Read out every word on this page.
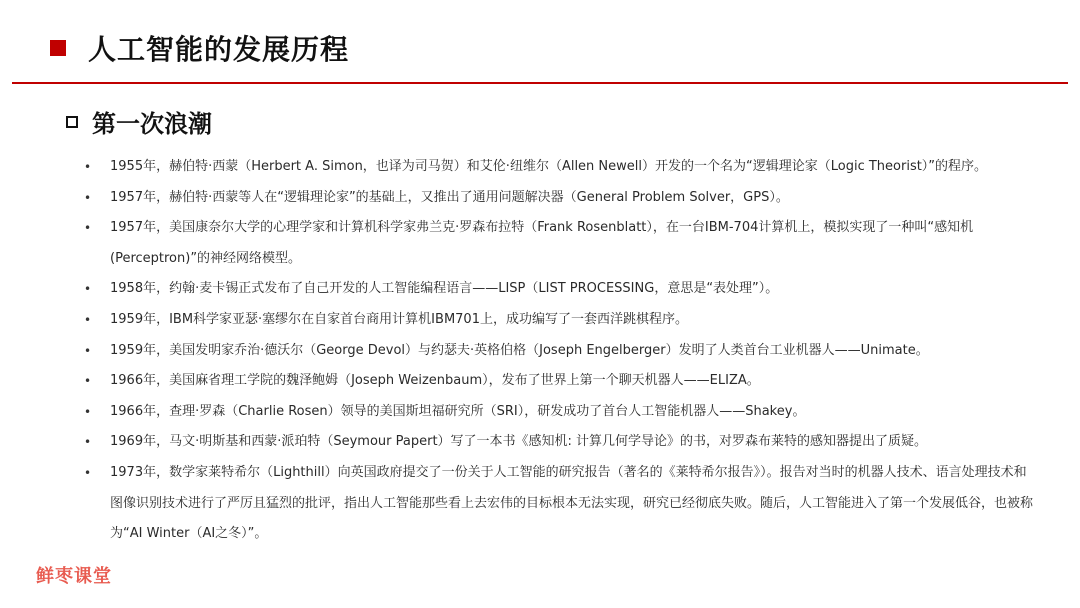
人工智能的发展历程
第一次浪潮
•	1955年，赫伯特·西蒙（Herbert A. Simon，也译为司马贺）和艾伦·纽维尔（Allen Newell）开发的一个名为“逻辑理论家（Logic Theorist）”的程序。
•	1957年，赫伯特·西蒙等人在“逻辑理论家”的基础上，又推出了通用问题解决器（General Problem Solver，GPS）。
•	1957年，美国康奈尔大学的心理学家和计算机科学家弗兰克·罗森布拉特（Frank Rosenblatt），在一台IBM-704计算机上，模拟实现了一种叫“感知机(Perceptron)”的神经网络模型。
•	1958年，约翰·麦卡锡正式发布了自己开发的人工智能编程语言——LISP（LIST PROCESSING，意思是“表处理”）。
•	1959年，IBM科学家亚瑟·塞缪尔在自家首台商用计算机IBM701上，成功编写了一套西洋跳棋程序。
•	1959年，美国发明家乔治·德沃尔（George Devol）与约瑟夫·英格伯格（Joseph Engelberger）发明了人类首台工业机器人——Unimate。
•	1966年，美国麻省理工学院的魏泽鲍姆（Joseph Weizenbaum），发布了世界上第一个聊天机器人——ELIZA。
•	1966年，查理·罗森（Charlie Rosen）领导的美国斯坦福研究所（SRI），研发成功了首台人工智能机器人——Shakey。
•	1969年，马文·明斯基和西蒙·派珀特（Seymour Papert）写了一本书《感知机: 计算几何学导论》的书，对罗森布莱特的感知器提出了质疑。
•	1973年，数学家莱特希尔（Lighthill）向英国政府提交了一份关于人工智能的研究报告（著名的《莱特希尔报告》）。报告对当时的机器人技术、语言处理技术和图像识别技术进行了严厉且猛烈的批评，指出人工智能那些看上去宏伟的目标根本无法实现，研究已经彻底失败。随后，人工智能进入了第一个发展低谷，也被称为“AI Winter（AI之冬）”。
鲜枣课堂
